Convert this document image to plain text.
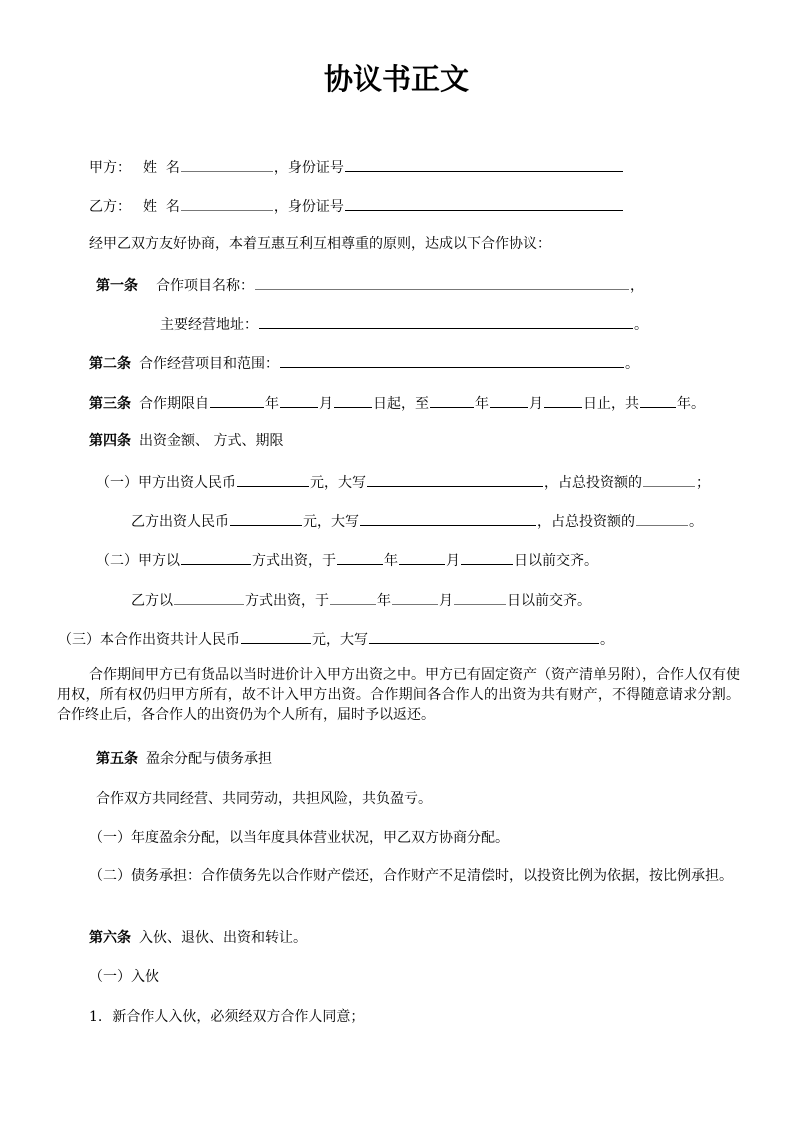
协议书正文
甲方： 姓  名	，身份证号
乙方： 姓  名	，身份证号
经甲乙双方友好协商，本着互惠互利互相尊重的原则，达成以下合作协议：
第一条 合作项目名称：	，
主要经营地址：	。
第二条 合作经营项目和范围：	。
第三条 合作期限自	年	月	日起，至	年	月	日止，共	年。
第四条 出资金额、 方式、期限
（一）甲方出资人民币	元，大写	，占总投资额的	；
乙方出资人民币	元，大写	，占总投资额的	。
（二）甲方以	方式出资，于	年	月	日以前交齐。
乙方以	方式出资，于	年	月	日以前交齐。
（三）本合作出资共计人民币	元，大写	。
合作期间甲方已有货品以当时进价计入甲方出资之中。甲方已有固定资产（资产清单另附），合作人仅有使用权，所有权仍归甲方所有，故不计入甲方出资。合作期间各合作人的出资为共有财产，不得随意请求分割。合作终止后，各合作人的出资仍为个人所有，届时予以返还。
第五条 盈余分配与债务承担
合作双方共同经营、共同劳动，共担风险，共负盈亏。
（一）年度盈余分配，以当年度具体营业状况，甲乙双方协商分配。
（二）债务承担：合作债务先以合作财产偿还，合作财产不足清偿时，以投资比例为依据，按比例承担。
第六条 入伙、退伙、出资和转让。
（一）入伙
1. 新合作人入伙，必须经双方合作人同意；
